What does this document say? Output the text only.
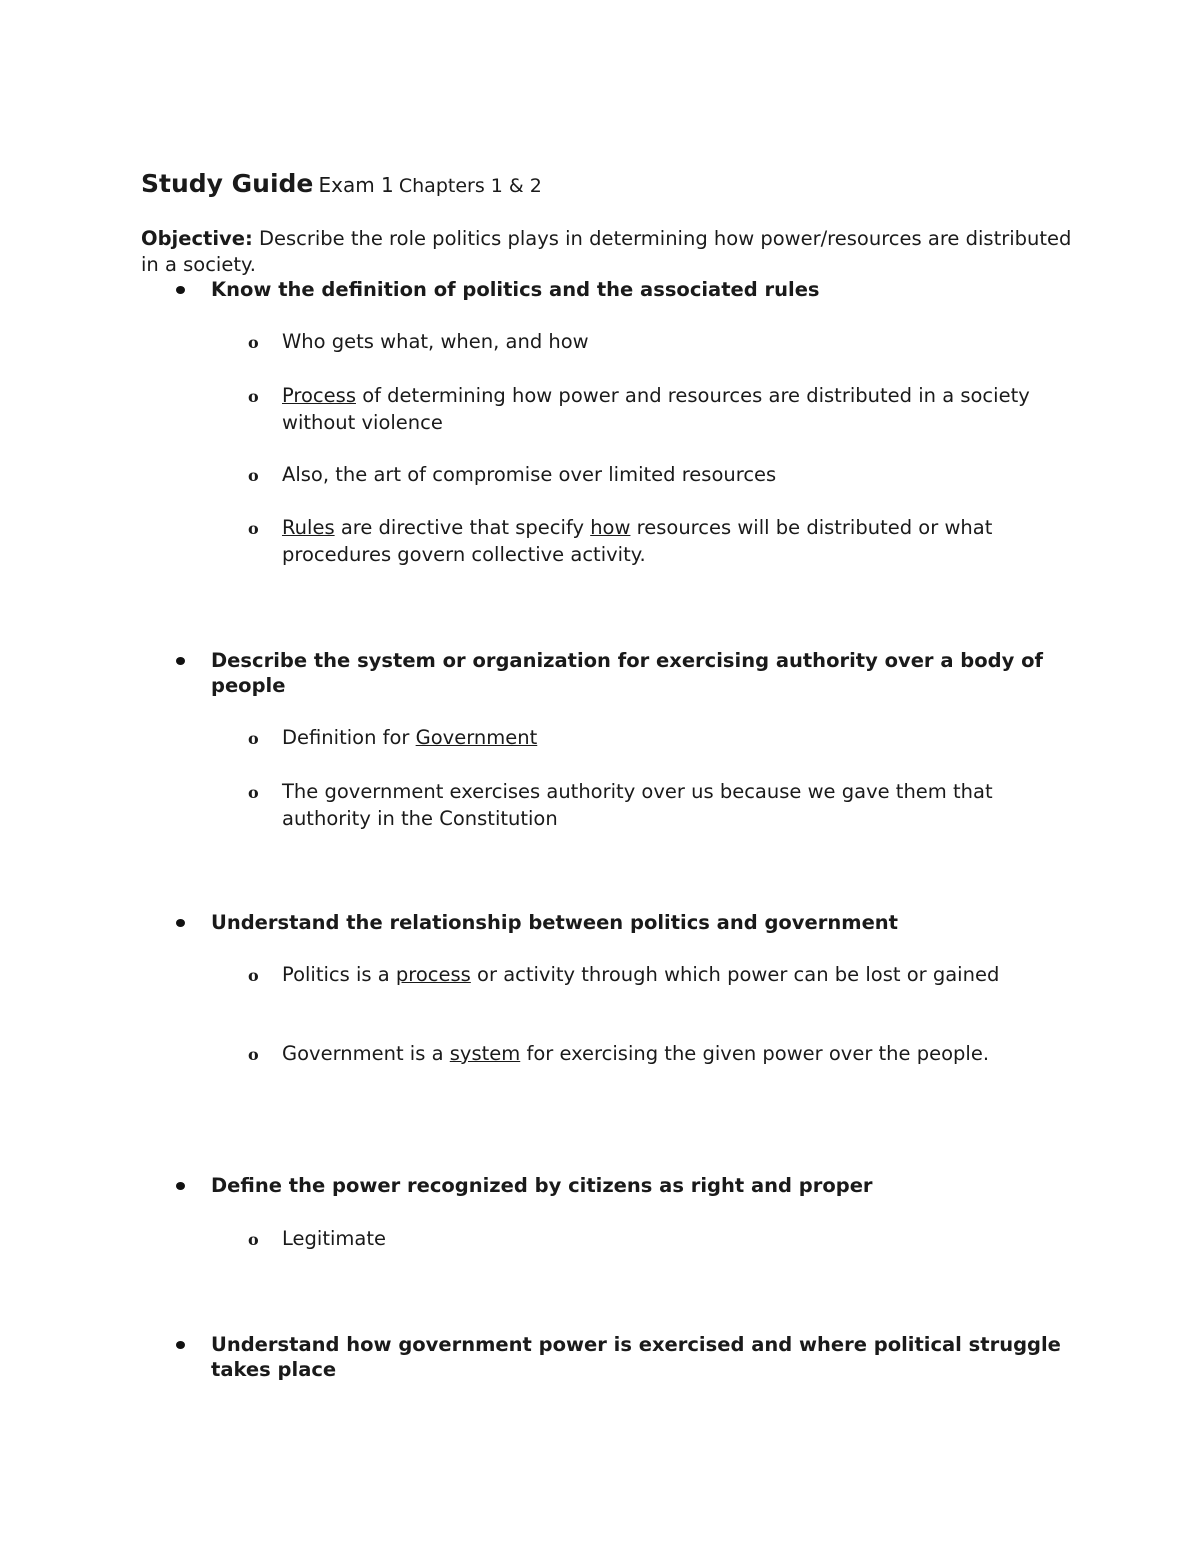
Study Guide Exam 1 Chapters 1 & 2
Objective: Describe the role politics plays in determining how power/resources are distributed in a society.
Know the definition of politics and the associated rules
o Who gets what, when, and how
o Process of determining how power and resources are distributed in a society without violence
o Also, the art of compromise over limited resources
o Rules are directive that specify how resources will be distributed or what procedures govern collective activity.
Describe the system or organization for exercising authority over a body of people
o Definition for Government
o The government exercises authority over us because we gave them that authority in the Constitution
Understand the relationship between politics and government
o Politics is a process or activity through which power can be lost or gained
o Government is a system for exercising the given power over the people.
Define the power recognized by citizens as right and proper
o Legitimate
Understand how government power is exercised and where political struggle takes place
